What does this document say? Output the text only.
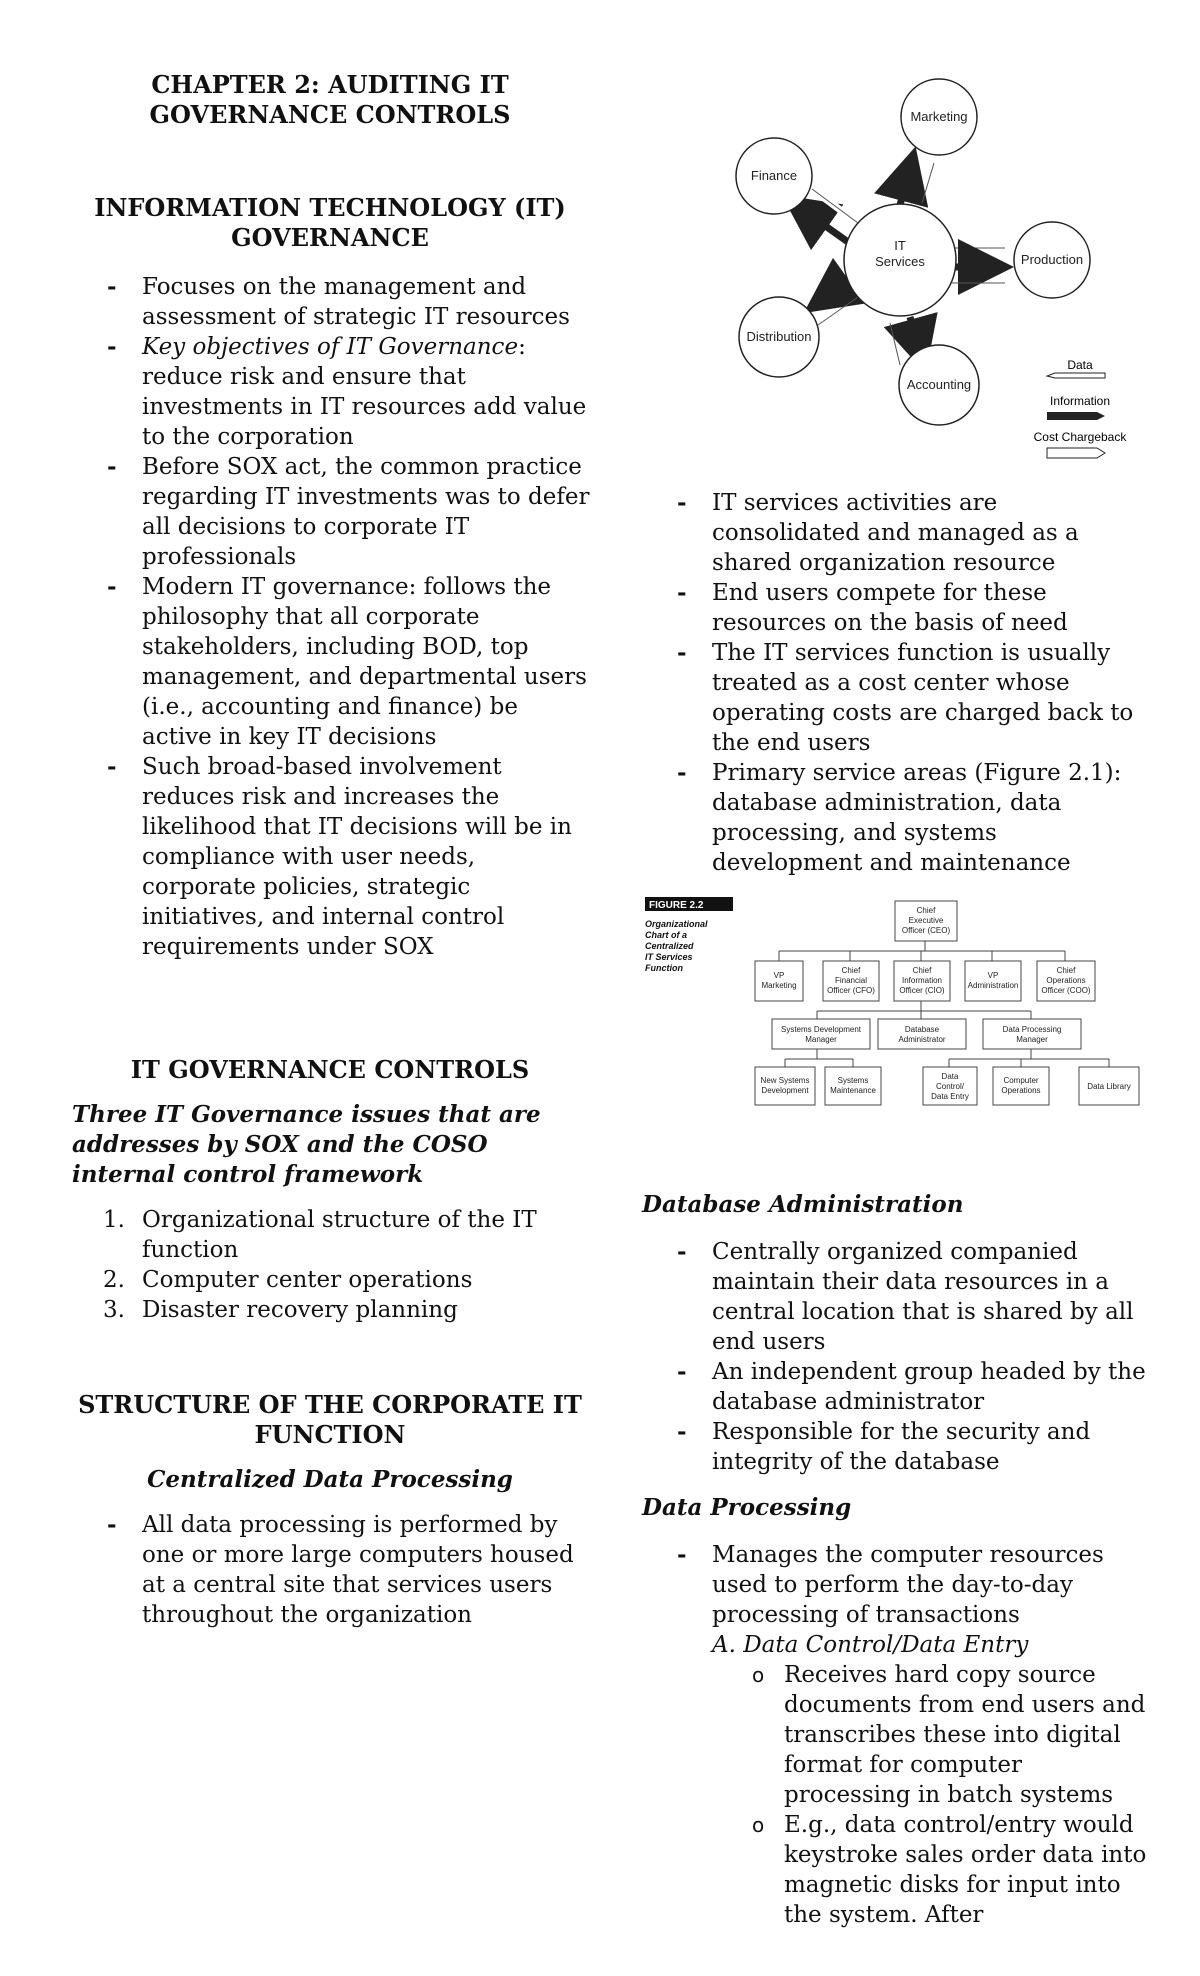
CHAPTER 2: AUDITING IT GOVERNANCE CONTROLS
INFORMATION TECHNOLOGY (IT) GOVERNANCE
- Focuses on the management and assessment of strategic IT resources
- Key objectives of IT Governance: reduce risk and ensure that investments in IT resources add value to the corporation
- Before SOX act, the common practice regarding IT investments was to defer all decisions to corporate IT professionals
- Modern IT governance: follows the philosophy that all corporate stakeholders, including BOD, top management, and departmental users (i.e., accounting and finance) be active in key IT decisions
- Such broad-based involvement reduces risk and increases the likelihood that IT decisions will be in compliance with user needs, corporate policies, strategic initiatives, and internal control requirements under SOX
IT GOVERNANCE CONTROLS

Three IT Governance issues that are addresses by SOX and the COSO internal control framework

1. Organizational structure of the IT function
2. Computer center operations
3. Disaster recovery planning
STRUCTURE OF THE CORPORATE IT FUNCTION

Centralized Data Processing

- All data processing is performed by one or more large computers housed at a central site that services users throughout the organization
IT
Services
Marketing
Finance
Production
Distribution
Accounting
Data
Information
Cost Chargeback
- IT services activities are consolidated and managed as a shared organization resource
- End users compete for these resources on the basis of need
- The IT services function is usually treated as a cost center whose operating costs are charged back to the end users
- Primary service areas (Figure 2.1): database administration, data processing, and systems development and maintenance

Database Administration

- Centrally organized companied maintain their data resources in a central location that is shared by all end users
- An independent group headed by the database administrator
- Responsible for the security and integrity of the database

Data Processing

- Manages the computer resources used to perform the day-to-day processing of transactions
A. Data Control/Data Entry
o Receives hard copy source documents from end users and transcribes these into digital format for computer processing in batch systems
o E.g., data control/entry would keystroke sales order data into magnetic disks for input into the system. After
FIGURE 2.2
Organizational
Chart of a
Centralized
IT Services
Function
Chief
Executive
Officer (CEO)
VP
Marketing
Chief
Financial
Officer (CFO)
Chief
Information
Officer (CIO)
VP
Administration
Chief
Operations
Officer (COO)
Systems Development
Manager
Database
Administrator
Data Processing
Manager
New Systems
Development
Systems
Maintenance
Data
Control/
Data Entry
Computer
Operations	Data Library
